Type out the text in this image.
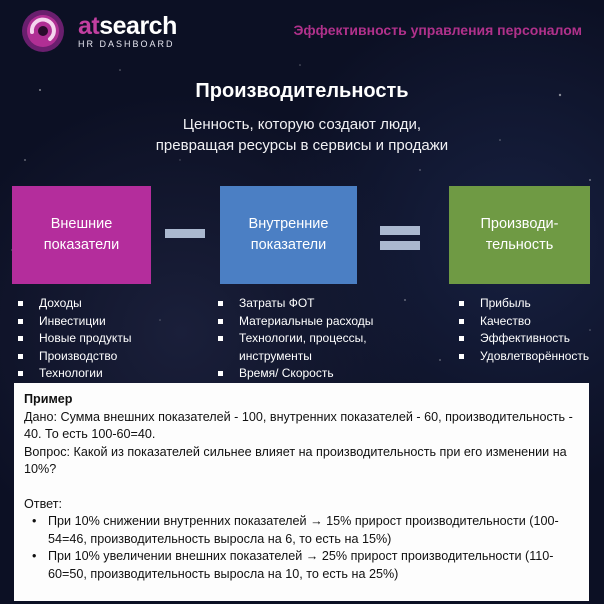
atsearch
HR DASHBOARD
Эффективность управления персоналом
Производительность
Ценность, которую создают люди,
превращая ресурсы в сервисы и продажи
Внешние
показатели
Внутренние
показатели
Производи-
тельность
Доходы
Инвестиции
Новые продукты
Производство
Технологии
Затраты ФОТ
Материальные расходы
Технологии, процессы, инструменты
Время/ Скорость
Прибыль
Качество
Эффективность
Удовлетворённость
Пример
Дано: Сумма внешних показателей - 100, внутренних показателей - 60, производительность - 40. То есть 100-60=40.
Вопрос: Какой из показателей сильнее влияет на производительность при его изменении на 10%?
Ответ:
• При 10% снижении внутренних показателей → 15% прирост производительности (100-54=46, производительность выросла на 6, то есть на 15%)
• При 10% увеличении внешних показателей → 25% прирост производительности (110-60=50, производительность выросла на 10, то есть на 25%)
